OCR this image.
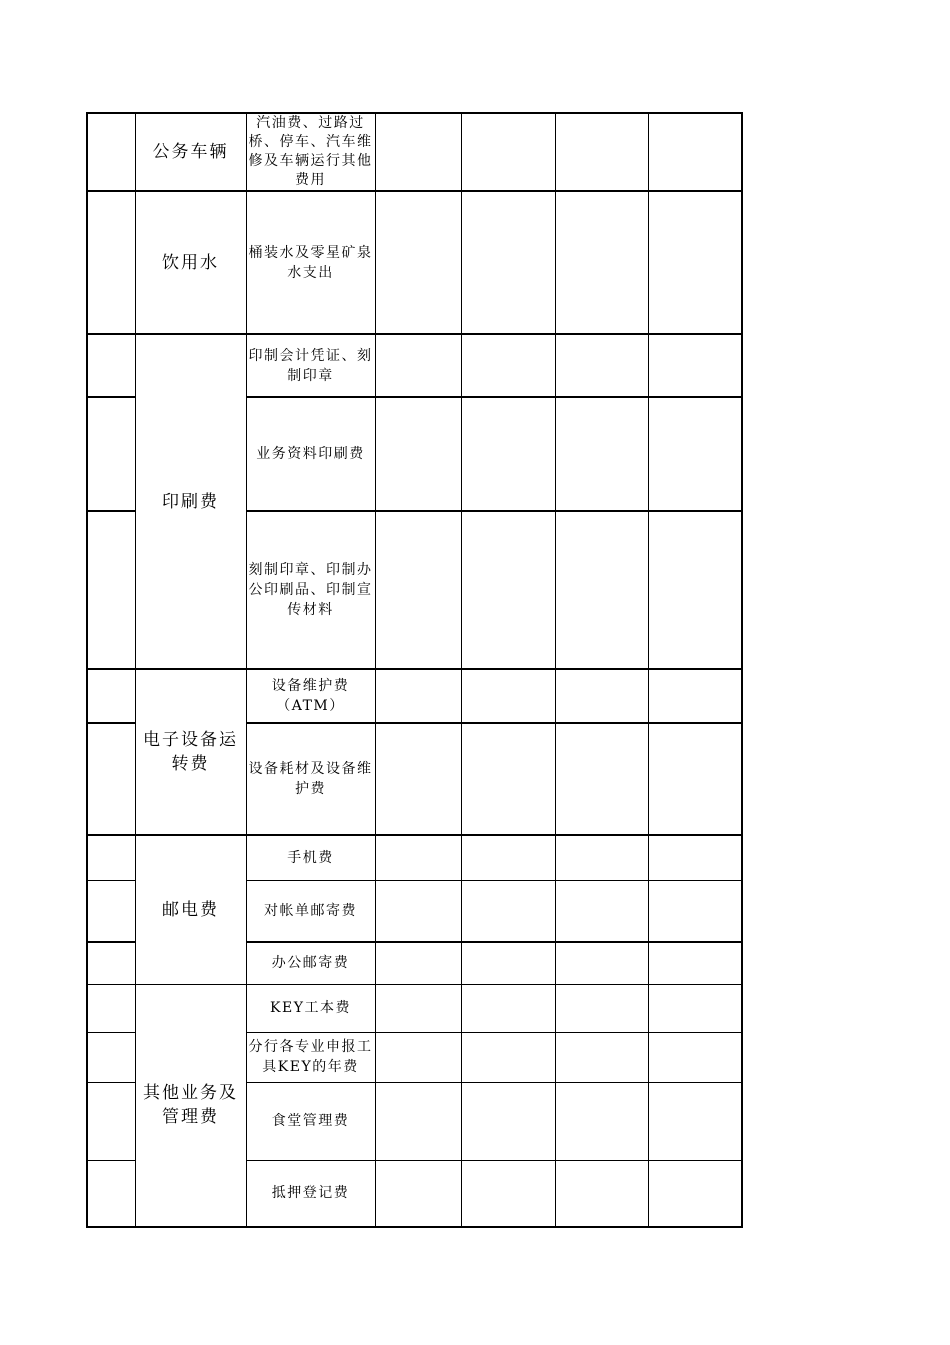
	公务车辆	汽油费、过路过桥、停车、汽车维修及车辆运行其他费用				
	饮用水	桶装水及零星矿泉水支出				
	印刷费	印制会计凭证、刻制印章				
		业务资料印刷费				
		刻制印章、印制办公印刷品、印制宣传材料				
	电子设备运转费	设备维护费（ATM）				
		设备耗材及设备维护费				
	邮电费	手机费				
		对帐单邮寄费				
		办公邮寄费				
	其他业务及管理费	KEY工本费				
		分行各专业申报工具KEY的年费				
		食堂管理费				
		抵押登记费				
